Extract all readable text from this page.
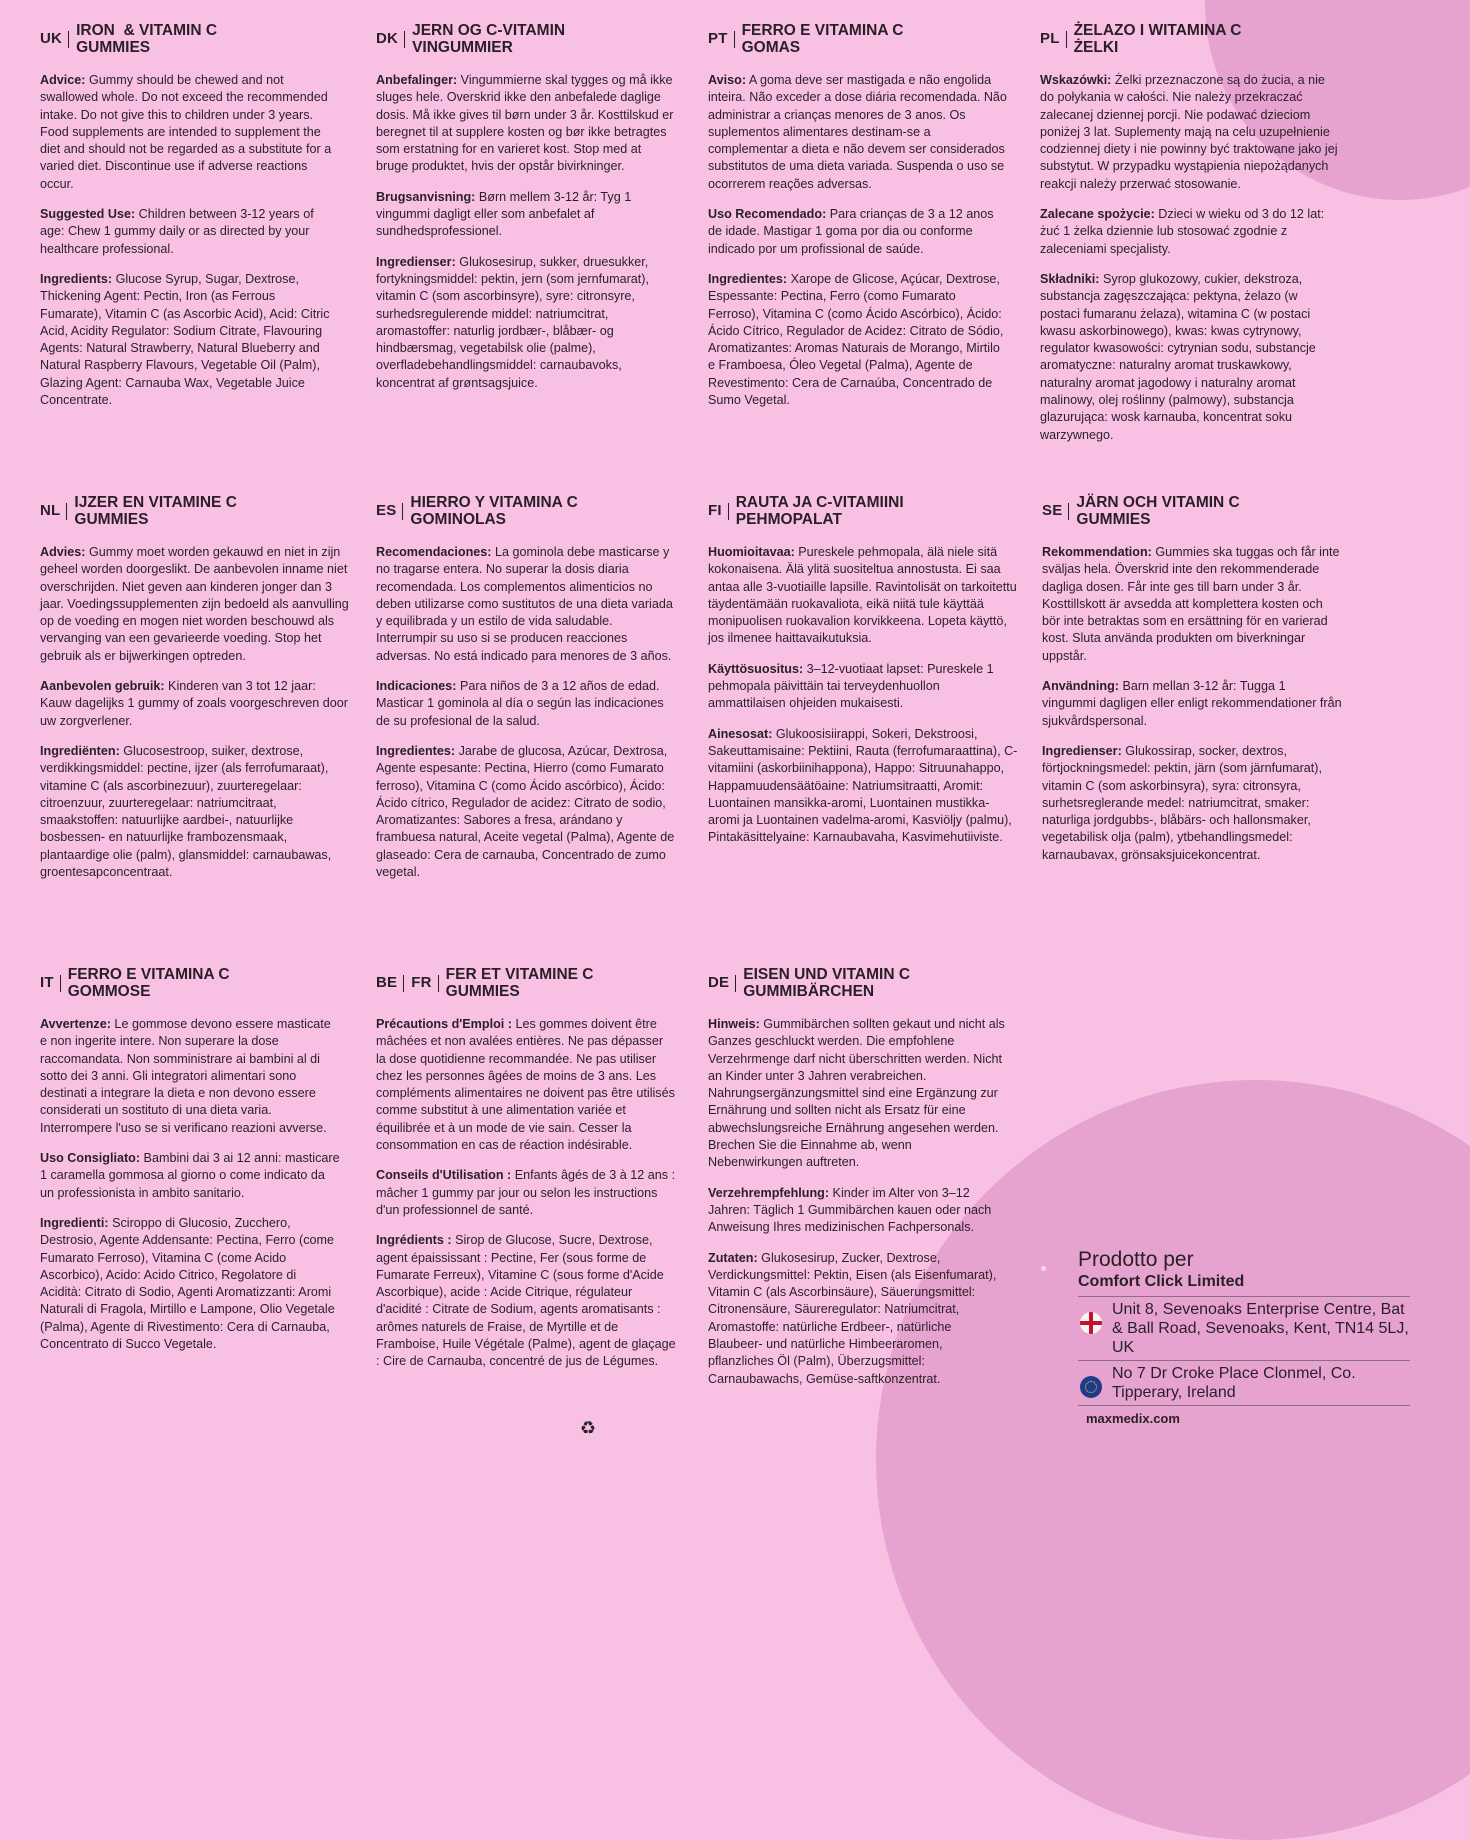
UK IRON  & VITAMIN C
GUMMIES

Advice: Gummy should be chewed and not swallowed whole. Do not exceed the recommended intake. Do not give this to children under 3 years. Food supplements are intended to supplement the diet and should not be regarded as a substitute for a varied diet. Discontinue use if adverse reactions occur.

Suggested Use: Children between 3-12 years of age: Chew 1 gummy daily or as directed by your healthcare professional.

Ingredients: Glucose Syrup, Sugar, Dextrose, Thickening Agent: Pectin, Iron (as Ferrous Fumarate), Vitamin C (as Ascorbic Acid), Acid: Citric Acid, Acidity Regulator: Sodium Citrate, Flavouring Agents: Natural Strawberry, Natural Blueberry and Natural Raspberry Flavours, Vegetable Oil (Palm), Glazing Agent: Carnauba Wax, Vegetable Juice Concentrate.

DK JERN OG C-VITAMIN
VINGUMMIER

Anbefalinger: Vingummierne skal tygges og må ikke sluges hele. Overskrid ikke den anbefalede daglige dosis. Må ikke gives til børn under 3 år. Kosttilskud er beregnet til at supplere kosten og bør ikke betragtes som erstatning for en varieret kost. Stop med at bruge produktet, hvis der opstår bivirkninger.

Brugsanvisning: Børn mellem 3-12 år: Tyg 1 vingummi dagligt eller som anbefalet af sundhedsprofessionel.

Ingredienser: Glukosesirup, sukker, druesukker, fortykningsmiddel: pektin, jern (som jernfumarat), vitamin C (som ascorbinsyre), syre: citronsyre, surhedsregulerende middel: natriumcitrat, aromastoffer: naturlig jordbær-, blåbær- og hindbærsmag, vegetabilsk olie (palme), overfladebehandlingsmiddel: carnaubavoks, koncentrat af grøntsagsjuice.

PT FERRO E VITAMINA C
GOMAS

Aviso: A goma deve ser mastigada e não engolida inteira. Não exceder a dose diária recomendada. Não administrar a crianças menores de 3 anos. Os suplementos alimentares destinam-se a complementar a dieta e não devem ser considerados substitutos de uma dieta variada. Suspenda o uso se ocorrerem reações adversas.

Uso Recomendado: Para crianças de 3 a 12 anos de idade. Mastigar 1 goma por dia ou conforme indicado por um profissional de saúde.

Ingredientes: Xarope de Glicose, Açúcar, Dextrose, Espessante: Pectina, Ferro (como Fumarato Ferroso), Vitamina C (como Ácido Ascórbico), Ácido: Ácido Cítrico, Regulador de Acidez: Citrato de Sódio, Aromatizantes: Aromas Naturais de Morango, Mirtilo e Framboesa, Óleo Vegetal (Palma), Agente de Revestimento: Cera de Carnaúba, Concentrado de Sumo Vegetal.

PL ŻELAZO I WITAMINA C
ŻELKI

Wskazówki: Żelki przeznaczone są do żucia, a nie do połykania w całości. Nie należy przekraczać zalecanej dziennej porcji. Nie podawać dzieciom poniżej 3 lat. Suplementy mają na celu uzupełnienie codziennej diety i nie powinny być traktowane jako jej substytut. W przypadku wystąpienia niepożądanych reakcji należy przerwać stosowanie.

Zalecane spożycie: Dzieci w wieku od 3 do 12 lat: żuć 1 żelka dziennie lub stosować zgodnie z zaleceniami specjalisty.

Składniki: Syrop glukozowy, cukier, dekstroza, substancja zagęszczająca: pektyna, żelazo (w postaci fumaranu żelaza), witamina C (w postaci kwasu askorbinowego), kwas: kwas cytrynowy, regulator kwasowości: cytrynian sodu, substancje aromatyczne: naturalny aromat truskawkowy, naturalny aromat jagodowy i naturalny aromat malinowy, olej roślinny (palmowy), substancja glazurująca: wosk karnauba, koncentrat soku warzywnego.

NL IJZER EN VITAMINE C
GUMMIES

Advies: Gummy moet worden gekauwd en niet in zijn geheel worden doorgeslikt. De aanbevolen inname niet overschrijden. Niet geven aan kinderen jonger dan 3 jaar. Voedingssupplementen zijn bedoeld als aanvulling op de voeding en mogen niet worden beschouwd als vervanging van een gevarieerde voeding. Stop het gebruik als er bijwerkingen optreden.

Aanbevolen gebruik: Kinderen van 3 tot 12 jaar: Kauw dagelijks 1 gummy of zoals voorgeschreven door uw zorgverlener.

Ingrediënten: Glucosestroop, suiker, dextrose, verdikkingsmiddel: pectine, ijzer (als ferrofumaraat), vitamine C (als ascorbinezuur), zuurteregelaar: citroenzuur, zuurteregelaar: natriumcitraat, smaakstoffen: natuurlijke aardbei-, natuurlijke bosbessen- en natuurlijke frambozensmaak, plantaardige olie (palm), glansmiddel: carnaubawas, groentesapconcentraat.

ES HIERRO Y VITAMINA C
GOMINOLAS

Recomendaciones: La gominola debe masticarse y no tragarse entera. No superar la dosis diaria recomendada. Los complementos alimenticios no deben utilizarse como sustitutos de una dieta variada y equilibrada y un estilo de vida saludable. Interrumpir su uso si se producen reacciones adversas. No está indicado para menores de 3 años.

Indicaciones: Para niños de 3 a 12 años de edad. Masticar 1 gominola al día o según las indicaciones de su profesional de la salud.

Ingredientes: Jarabe de glucosa, Azúcar, Dextrosa, Agente espesante: Pectina, Hierro (como Fumarato ferroso), Vitamina C (como Ácido ascórbico), Ácido: Ácido cítrico, Regulador de acidez: Citrato de sodio, Aromatizantes: Sabores a fresa, arándano y frambuesa natural, Aceite vegetal (Palma), Agente de glaseado: Cera de carnauba, Concentrado de zumo vegetal.

FI RAUTA JA C-VITAMIINI
PEHMOPALAT

Huomioitavaa: Pureskele pehmopala, älä niele sitä kokonaisena. Älä ylitä suositeltua annostusta. Ei saa antaa alle 3-vuotiaille lapsille. Ravintolisät on tarkoitettu täydentämään ruokavaliota, eikä niitä tule käyttää monipuolisen ruokavalion korvikkeena. Lopeta käyttö, jos ilmenee haittavaikutuksia.

Käyttösuositus: 3–12-vuotiaat lapset: Pureskele 1 pehmopala päivittäin tai terveydenhuollon ammattilaisen ohjeiden mukaisesti.

Ainesosat: Glukoosisiirappi, Sokeri, Dekstroosi, Sakeuttamisaine: Pektiini, Rauta (ferrofumaraattina), C-vitamiini (askorbiinihappona), Happo: Sitruunahappo, Happamuudensäätöaine: Natriumsitraatti, Aromit: Luontainen mansikka-aromi, Luontainen mustikka-aromi ja Luontainen vadelma-aromi, Kasviöljy (palmu), Pintakäsittelyaine: Karnaubavaha, Kasvimehutiiviste.

SE JÄRN OCH VITAMIN C
GUMMIES

Rekommendation: Gummies ska tuggas och får inte sväljas hela. Överskrid inte den rekommenderade dagliga dosen. Får inte ges till barn under 3 år. Kosttillskott är avsedda att komplettera kosten och bör inte betraktas som en ersättning för en varierad kost. Sluta använda produkten om biverkningar uppstår.

Användning: Barn mellan 3-12 år: Tugga 1 vingummi dagligen eller enligt rekommendationer från sjukvårdspersonal.

Ingredienser: Glukossirap, socker, dextros, förtjockningsmedel: pektin, järn (som järnfumarat), vitamin C (som askorbinsyra), syra: citronsyra, surhetsreglerande medel: natriumcitrat, smaker: naturliga jordgubbs-, blåbärs- och hallonsmaker, vegetabilisk olja (palm), ytbehandlingsmedel: karnaubavax, grönsaksjuicekoncentrat.

IT FERRO E VITAMINA C
GOMMOSE

Avvertenze: Le gommose devono essere masticate e non ingerite intere. Non superare la dose raccomandata. Non somministrare ai bambini al di sotto dei 3 anni. Gli integratori alimentari sono destinati a integrare la dieta e non devono essere considerati un sostituto di una dieta varia. Interrompere l'uso se si verificano reazioni avverse.

Uso Consigliato: Bambini dai 3 ai 12 anni: masticare 1 caramella gommosa al giorno o come indicato da un professionista in ambito sanitario.

Ingredienti: Sciroppo di Glucosio, Zucchero, Destrosio, Agente Addensante: Pectina, Ferro (come Fumarato Ferroso), Vitamina C (come Acido Ascorbico), Acido: Acido Citrico, Regolatore di Acidità: Citrato di Sodio, Agenti Aromatizzanti: Aromi Naturali di Fragola, Mirtillo e Lampone, Olio Vegetale (Palma), Agente di Rivestimento: Cera di Carnauba, Concentrato di Succo Vegetale.

BE FR FER ET VITAMINE C
GUMMIES

Précautions d'Emploi : Les gommes doivent être mâchées et non avalées entières. Ne pas dépasser la dose quotidienne recommandée. Ne pas utiliser chez les personnes âgées de moins de 3 ans. Les compléments alimentaires ne doivent pas être utilisés comme substitut à une alimentation variée et équilibrée et à un mode de vie sain. Cesser la consommation en cas de réaction indésirable.

Conseils d'Utilisation : Enfants âgés de 3 à 12 ans : mâcher 1 gummy par jour ou selon les instructions d'un professionnel de santé.

Ingrédients : Sirop de Glucose, Sucre, Dextrose, agent épaississant : Pectine, Fer (sous forme de Fumarate Ferreux), Vitamine C (sous forme d'Acide Ascorbique), acide : Acide Citrique, régulateur d'acidité : Citrate de Sodium, agents aromatisants : arômes naturels de Fraise, de Myrtille et de Framboise, Huile Végétale (Palme), agent de glaçage : Cire de Carnauba, concentré de jus de Légumes.

DE EISEN UND VITAMIN C
GUMMIBÄRCHEN

Hinweis: Gummibärchen sollten gekaut und nicht als Ganzes geschluckt werden. Die empfohlene Verzehrmenge darf nicht überschritten werden. Nicht an Kinder unter 3 Jahren verabreichen. Nahrungsergänzungsmittel sind eine Ergänzung zur Ernährung und sollten nicht als Ersatz für eine abwechslungsreiche Ernährung angesehen werden. Brechen Sie die Einnahme ab, wenn Nebenwirkungen auftreten.

Verzehrempfehlung: Kinder im Alter von 3–12 Jahren: Täglich 1 Gummibärchen kauen oder nach Anweisung Ihres medizinischen Fachpersonals.

Zutaten: Glukosesirup, Zucker, Dextrose, Verdickungsmittel: Pektin, Eisen (als Eisenfumarat), Vitamin C (als Ascorbinsäure), Säuerungsmittel: Citronensäure, Säureregulator: Natriumcitrat, Aromastoffe: natürliche Erdbeer-, natürliche Blaubeer- und natürliche Himbeeraromen, pflanzliches Öl (Palm), Überzugsmittel: Carnaubawachs, Gemüse-saftkonzentrat.

Prodotto per
Comfort Click Limited
Unit 8, Sevenoaks Enterprise Centre, Bat & Ball Road, Sevenoaks, Kent, TN14 5LJ, UK
No 7 Dr Croke Place Clonmel, Co. Tipperary, Ireland
maxmedix.com
♻
